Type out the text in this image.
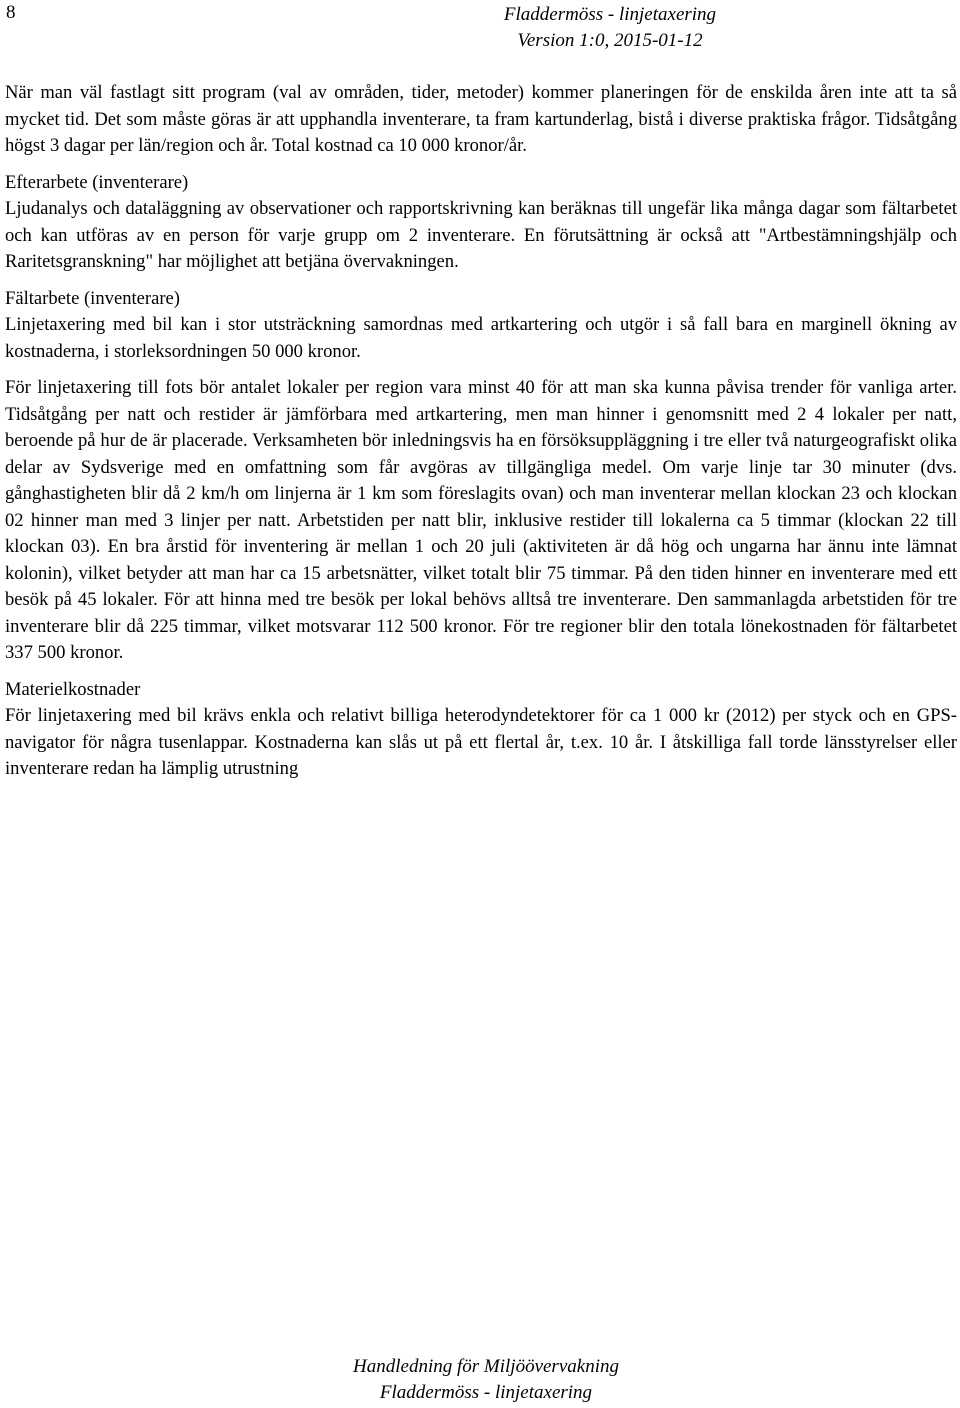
8	Fladdermöss - linjetaxering
Version 1:0, 2015-01-12

När man väl fastlagt sitt program (val av områden, tider, metoder) kommer planeringen för de enskilda åren inte att ta så mycket tid. Det som måste göras är att upphandla inventerare, ta fram kartunderlag, bistå i diverse praktiska frågor. Tidsåtgång högst 3 dagar per län/region och år. Total kostnad ca 10 000 kronor/år.

Efterarbete (inventerare)
Ljudanalys och dataläggning av observationer och rapportskrivning kan beräknas till ungefär lika många dagar som fältarbetet och kan utföras av en person för varje grupp om 2 inventerare. En förutsättning är också att "Artbestämningshjälp och Raritetsgranskning" har möjlighet att betjäna övervakningen.

Fältarbete (inventerare)
Linjetaxering med bil kan i stor utsträckning samordnas med artkartering och utgör i så fall bara en marginell ökning av kostnaderna, i storleksordningen 50 000 kronor.

För linjetaxering till fots bör antalet lokaler per region vara minst 40 för att man ska kunna påvisa trender för vanliga arter. Tidsåtgång per natt och restider är jämförbara med artkartering, men man hinner i genomsnitt med 2 4 lokaler per natt, beroende på hur de är placerade. Verksamheten bör inledningsvis ha en försöksuppläggning i tre eller två naturgeografiskt olika delar av Sydsverige med en omfattning som får avgöras av tillgängliga medel. Om varje linje tar 30 minuter (dvs. gånghastigheten blir då 2 km/h om linjerna är 1 km som föreslagits ovan) och man inventerar mellan klockan 23 och klockan 02 hinner man med 3 linjer per natt. Arbetstiden per natt blir, inklusive restider till lokalerna ca 5 timmar (klockan 22 till klockan 03). En bra årstid för inventering är mellan 1 och 20 juli (aktiviteten är då hög och ungarna har ännu inte lämnat kolonin), vilket betyder att man har ca 15 arbetsnätter, vilket totalt blir 75 timmar. På den tiden hinner en inventerare med ett besök på 45 lokaler. För att hinna med tre besök per lokal behövs alltså tre inventerare. Den sammanlagda arbetstiden för tre inventerare blir då 225 timmar, vilket motsvarar 112 500 kronor. För tre regioner blir den totala lönekostnaden för fältarbetet 337 500 kronor.

Materielkostnader
För linjetaxering med bil krävs enkla och relativt billiga heterodyndetektorer för ca 1 000 kr (2012) per styck och en GPS-navigator för några tusenlappar. Kostnaderna kan slås ut på ett flertal år, t.ex. 10 år. I åtskilliga fall torde länsstyrelser eller inventerare redan ha lämplig utrustning

Handledning för Miljöövervakning
Fladdermöss - linjetaxering
